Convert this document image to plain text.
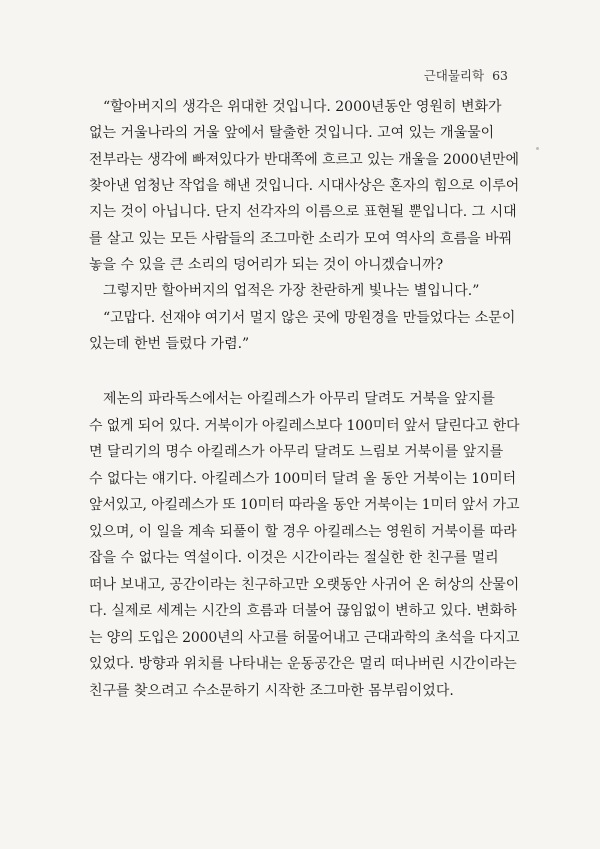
근대물리학 63
“할아버지의 생각은 위대한 것입니다. 2000년동안 영원히 변화가
없는 거울나라의 거울 앞에서 탈출한 것입니다. 고여 있는 개울물이
전부라는 생각에 빠져있다가 반대쪽에 흐르고 있는 개울을 2000년만에
찾아낸 엄청난 작업을 해낸 것입니다. 시대사상은 혼자의 힘으로 이루어
지는 것이 아닙니다. 단지 선각자의 이름으로 표현될 뿐입니다. 그 시대
를 살고 있는 모든 사람들의 조그마한 소리가 모여 역사의 흐름을 바꿔
놓을 수 있을 큰 소리의 덩어리가 되는 것이 아니겠습니까?
그렇지만 할아버지의 업적은 가장 찬란하게 빛나는 별입니다.”
“고맙다. 선재야 여기서 멀지 않은 곳에 망원경을 만들었다는 소문이
있는데 한번 들렀다 가렴.”
제논의 파라독스에서는 아킬레스가 아무리 달려도 거북을 앞지를
수 없게 되어 있다. 거북이가 아킬레스보다 100미터 앞서 달린다고 한다
면 달리기의 명수 아킬레스가 아무리 달려도 느림보 거북이를 앞지를
수 없다는 얘기다. 아킬레스가 100미터 달려 올 동안 거북이는 10미터
앞서있고, 아킬레스가 또 10미터 따라올 동안 거북이는 1미터 앞서 가고
있으며, 이 일을 계속 되풀이 할 경우 아킬레스는 영원히 거북이를 따라
잡을 수 없다는 역설이다. 이것은 시간이라는 절실한 한 친구를 멀리
떠나 보내고, 공간이라는 친구하고만 오랫동안 사귀어 온 허상의 산물이
다. 실제로 세계는 시간의 흐름과 더불어 끊임없이 변하고 있다. 변화하
는 양의 도입은 2000년의 사고를 허물어내고 근대과학의 초석을 다지고
있었다. 방향과 위치를 나타내는 운동공간은 멀리 떠나버린 시간이라는
친구를 찾으려고 수소문하기 시작한 조그마한 몸부림이었다.
